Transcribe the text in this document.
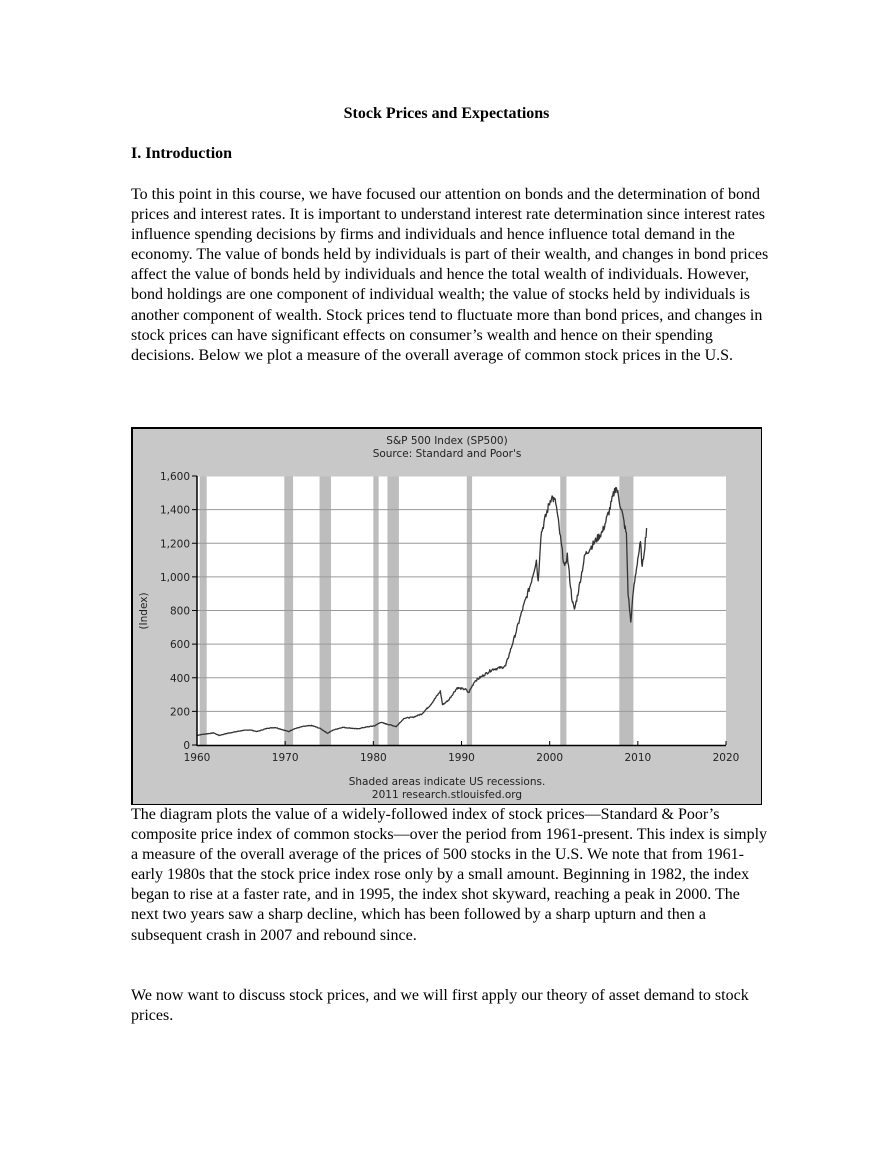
Stock Prices and Expectations
I. Introduction

To this point in this course, we have focused our attention on bonds and the determination of bond prices and interest rates. It is important to understand interest rate determination since interest rates influence spending decisions by firms and individuals and hence influence total demand in the economy. The value of bonds held by individuals is part of their wealth, and changes in bond prices affect the value of bonds held by individuals and hence the total wealth of individuals. However, bond holdings are one component of individual wealth; the value of stocks held by individuals is another component of wealth. Stock prices tend to fluctuate more than bond prices, and changes in stock prices can have significant effects on consumer’s wealth and hence on their spending decisions. Below we plot a measure of the overall average of common stock prices in the U.S.

S&P 500 Index (SP500)
Source: Standard and Poor's
0
200
400
600
800
1,000
1,200
1,400
1,600
1960	1970	1980	1990	2000	2010	2020
(Index)
Shaded areas indicate US recessions.
2011 research.stlouisfed.org

The diagram plots the value of a widely-followed index of stock prices—Standard & Poor’s composite price index of common stocks—over the period from 1961-present. This index is simply a measure of the overall average of the prices of 500 stocks in the U.S. We note that from 1961-early 1980s that the stock price index rose only by a small amount. Beginning in 1982, the index began to rise at a faster rate, and in 1995, the index shot skyward, reaching a peak in 2000. The next two years saw a sharp decline, which has been followed by a sharp upturn and then a subsequent crash in 2007 and rebound since.

We now want to discuss stock prices, and we will first apply our theory of asset demand to stock prices.
